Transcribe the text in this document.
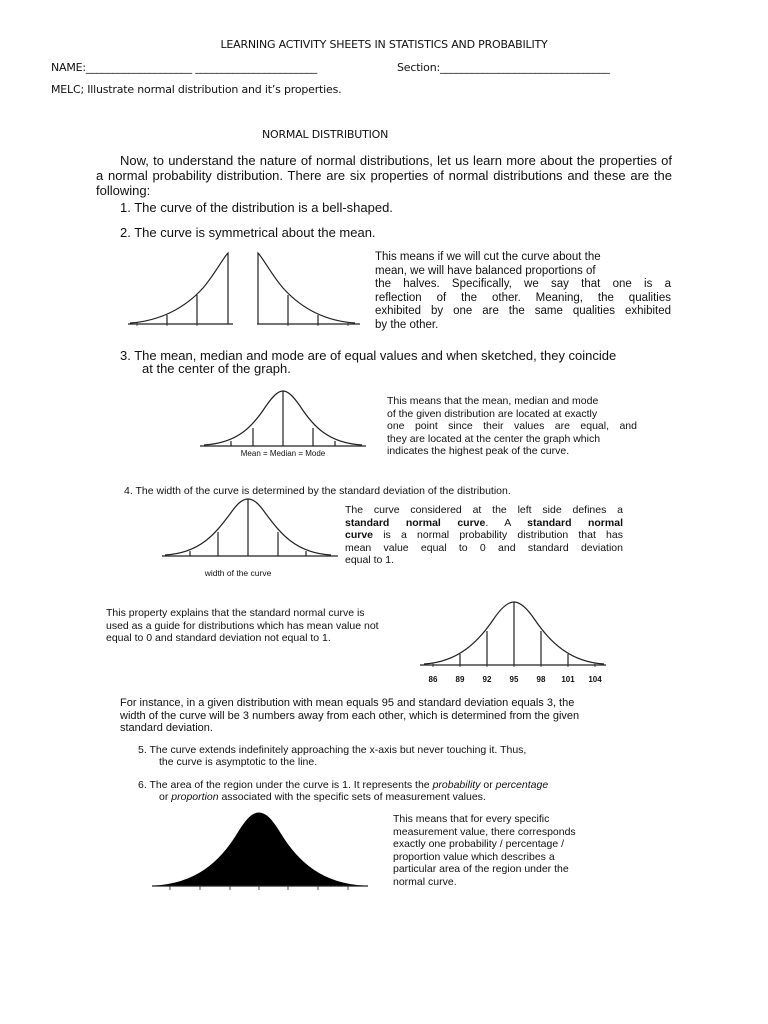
LEARNING ACTIVITY SHEETS IN STATISTICS AND PROBABILITY
NAME:____________________ _______________________	Section:________________________________
MELC; Illustrate normal distribution and it’s properties.
NORMAL DISTRIBUTION
Now, to understand the nature of normal distributions, let us learn more about the properties of a normal probability distribution. There are six properties of normal distributions and these are the following:
1. The curve of the distribution is a bell-shaped.
2. The curve is symmetrical about the mean.
This means if we will cut the curve about the
mean, we will have balanced proportions of
the halves. Specifically, we say that one is a
reflection of the other. Meaning, the qualities
exhibited by one are the same qualities exhibited
by the other.
3. The mean, median and mode are of equal values and when sketched, they coincide
at the center of the graph.
This means that the mean, median and mode
of the given distribution are located at exactly
one point since their values are equal, and
they are located at the center the graph which
indicates the highest peak of the curve.
Mean = Median = Mode
4. The width of the curve is determined by the standard deviation of the distribution.
The curve considered at the left side defines a
standard normal curve. A standard normal
curve is a normal probability distribution that has
mean value equal to 0 and standard deviation
equal to 1.
width of the curve
This property explains that the standard normal curve is
used as a guide for distributions which has mean value not
equal to 0 and standard deviation not equal to 1.
86 89 92 95 98 101 104
For instance, in a given distribution with mean equals 95 and standard deviation equals 3, the
width of the curve will be 3 numbers away from each other, which is determined from the given
standard deviation.
5. The curve extends indefinitely approaching the x-axis but never touching it. Thus,
the curve is asymptotic to the line.
6. The area of the region under the curve is 1. It represents the probability or percentage
or proportion associated with the specific sets of measurement values.
This means that for every specific
measurement value, there corresponds
exactly one probability / percentage /
proportion value which describes a
particular area of the region under the
normal curve.
